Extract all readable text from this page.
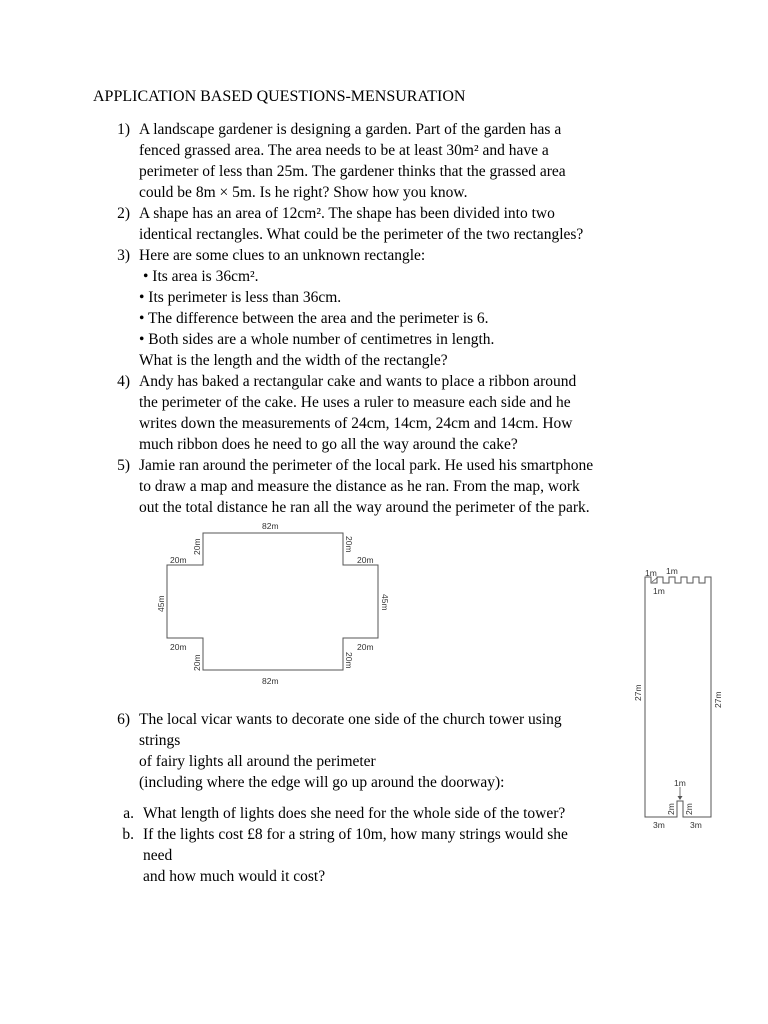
APPLICATION BASED QUESTIONS-MENSURATION
1) A landscape gardener is designing a garden. Part of the garden has a
fenced grassed area. The area needs to be at least 30m² and have a
perimeter of less than 25m. The gardener thinks that the grassed area
could be 8m × 5m. Is he right? Show how you know.
2) A shape has an area of 12cm². The shape has been divided into two
identical rectangles. What could be the perimeter of the two rectangles?
3) Here are some clues to an unknown rectangle:
• Its area is 36cm².
• Its perimeter is less than 36cm.
• The difference between the area and the perimeter is 6.
• Both sides are a whole number of centimetres in length.
What is the length and the width of the rectangle?
4) Andy has baked a rectangular cake and wants to place a ribbon around
the perimeter of the cake. He uses a ruler to measure each side and he
writes down the measurements of 24cm, 14cm, 24cm and 14cm. How
much ribbon does he need to go all the way around the cake?
5) Jamie ran around the perimeter of the local park. He used his smartphone
to draw a map and measure the distance as he ran. From the map, work
out the total distance he ran all the way around the perimeter of the park.
82m
82m
45m	45m
20m
20m
20m
20m
20m
20m
20m
20m
6) The local vicar wants to decorate one side of the church tower using
strings
of fairy lights all around the perimeter
(including where the edge will go up around the doorway):
a. What length of lights does she need for the whole side of the tower?
b. If the lights cost £8 for a string of 10m, how many strings would she
need
and how much would it cost?
1m 1m
1m
27m	27m
1m
2m 2m
3m	3m
